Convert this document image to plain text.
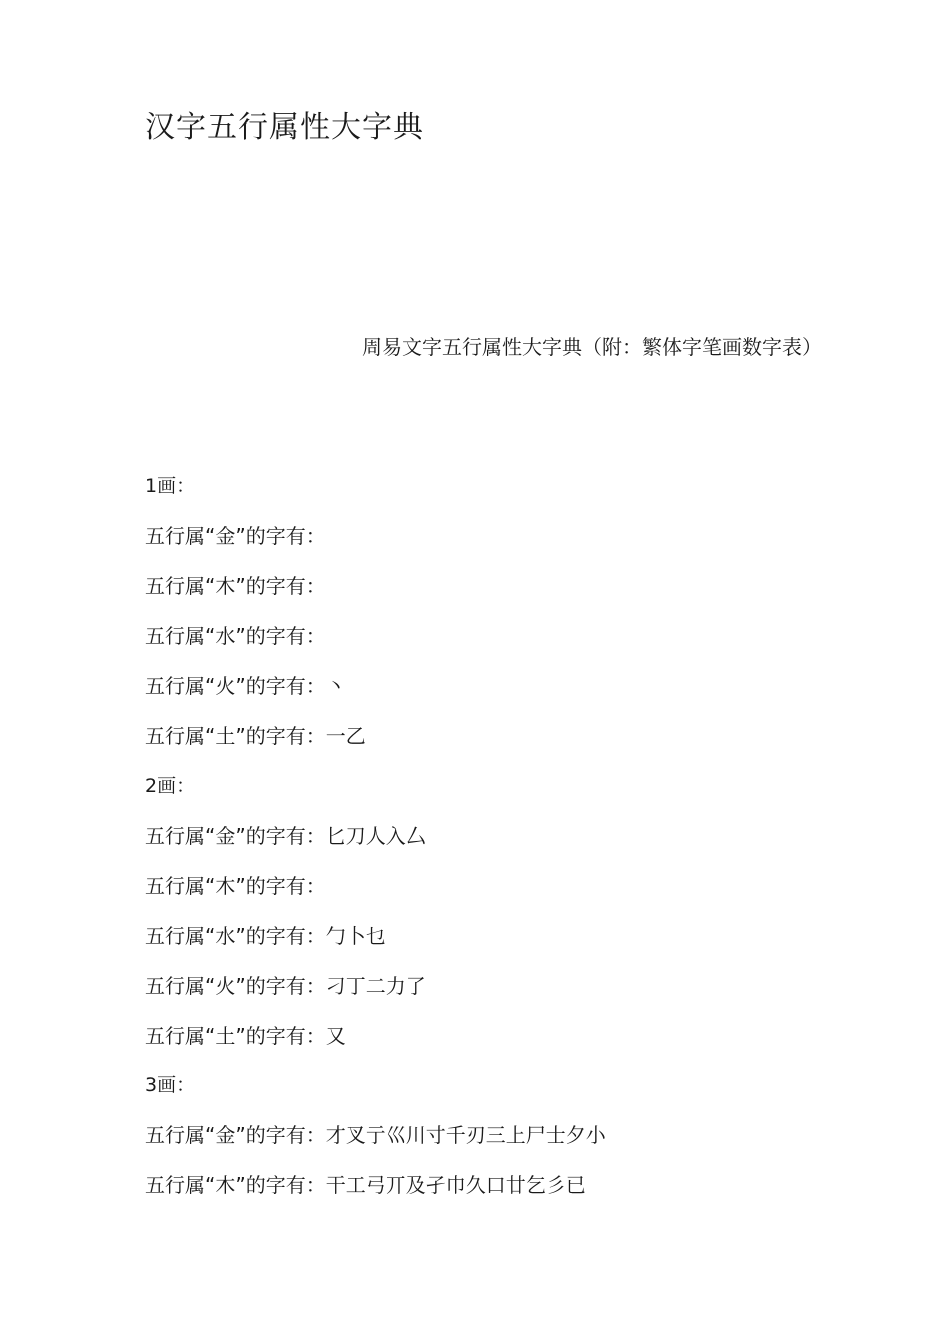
汉字五行属性大字典

周易文字五行属性大字典（附：繁体字笔画数字表）

1画：
五行属“金”的字有：
五行属“木”的字有：
五行属“水”的字有：
五行属“火”的字有：丶
五行属“土”的字有：一乙
2画：
五行属“金”的字有：匕刀人入厶
五行属“木”的字有：
五行属“水”的字有：勹卜乜
五行属“火”的字有：刁丁二力了
五行属“土”的字有：又
3画：
五行属“金”的字有：才叉亍巛川寸千刃三上尸士夕小
五行属“木”的字有：干工弓丌及孑巾久口廿乞彡已
